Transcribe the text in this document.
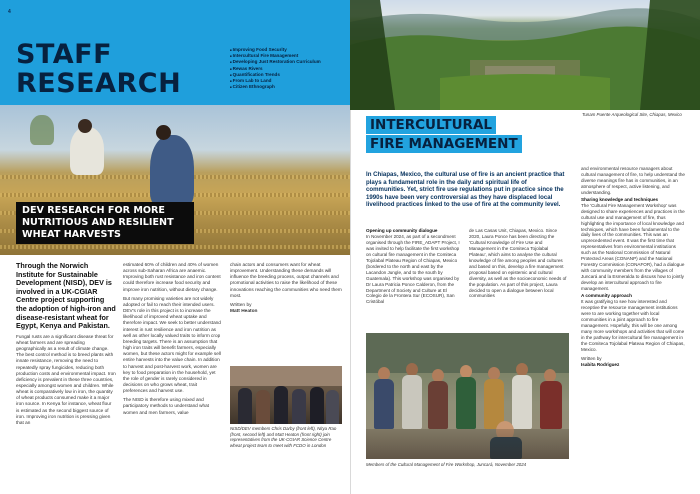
4
STAFF
RESEARCH
■ Improving Food Security
■ Intercultural Fire Management
■ Developing Just Restoration Curriculum
■ Rewas Rivers
■ Quantification Trends
■ From Lab to Land
■ Citizen Ethnograph
DEV RESEARCH FOR MORE
NUTRITIOUS AND RESILIENT
WHEAT HARVESTS

Through the Norwich Institute for Sustainable Development (NISD), DEV is involved in a UK-CGIAR Centre project supporting the adoption of high-iron and disease-resistant wheat for Egypt, Kenya and Pakistan.

Fungal rusts are a significant disease threat for wheat farmers and are spreading geographically as a result of climate change. The best control method is to breed plants with innate resistance, removing the need to repeatedly spray fungicides, reducing both production costs and environmental impact. Iron deficiency is prevalent in these three countries, especially amongst women and children. While wheat is comparatively low in iron, the quantity of wheat products consumed make it a major iron source. In Kenya for instance, wheat flour is estimated as the second biggest source of iron. Improving iron nutrition is pressing given that an

estimated 60% of children and 40% of women across sub-Saharan Africa are anaemic. Improving both rust resistance and iron content could therefore increase food security and improve iron nutrition, without dietary change.

But many promising varieties are not widely adopted or fail to reach their intended users. DEV's role in this project is to increase the likelihood of improved wheat uptake and therefore impact. We seek to better understand interest in rust resilience and iron nutrition as well as other locally valued traits to inform crop breeding targets. There is an assumption that high iron traits will benefit farmers, especially women, but these actors might for example sell entire harvests into the value chain. In addition to harvest and post-harvest work, women are key to food preparation in the household, yet the role of gender is rarely considered in decisions on who grows wheat, trait preferences and harvest use.

The NISD is therefore using mixed and participatory methods to understand what women and men farmers, value

chain actors and consumers want for wheat improvement. Understanding these demands will influence the breeding process, output channels and promotional activities to raise the likelihood of these innovations reaching the communities who need them most.

Written by
Matt Heaton
NISD/DEV members Chris Darby (front left), Nitya Rao (front, second left) and Matt Heaton (front right) join representatives from the UK-CGIAR Science Centre wheat project team to meet with FCDO in London
Tunam Puente Arqueological Site, Chiapas, Mexico
INTERCULTURAL
FIRE MANAGEMENT
In Chiapas, Mexico, the cultural use of fire is an ancient practice that plays a fundamental role in the daily and spiritual life of communities. Yet, strict fire use regulations put in practice since the 1990s have been very controversial as they have displaced local livelihood practices linked to the use of fire at the community level.
Opening up community dialogue
In November 2024, as part of a secondment organised through the FIRE_ADAPT Project, I was invited to help facilitate the first workshop on cultural fire management in the Comiteca Tojolabal Plateau Region of Chiapas, Mexico (bordered to the north and east by the Lacandon Jungle, and to the south by Guatemala). This workshop was organised by Dr Laura Patricia Ponce Calderon, from the Department of Society and Culture at El Colegio de la Frontera Sur (ECOSUR), San Cristóbal
de Las Casas Unit, Chiapas, Mexico. Since 2020, Laura Ponce has been directing the 'Cultural Knowledge of Fire Use and Management in the Comiteca Tojolabal Plateau', which aims to analyse the cultural knowledge of fire among peoples and cultures and based on this, develop a fire management proposal based on epistemic and cultural diversity, as well as the socioeconomic needs of the population. As part of this project, Laura decided to open a dialogue between local communities
and environmental resource managers about cultural management of fire, to help understand the diverse meanings fire has in communities, in an atmosphere of respect, active listening, and understanding.
Sharing knowledge and techniques
The 'Cultural Fire Management Workshop' was designed to share experiences and practices in the cultural use and management of fire, thus highlighting the importance of local knowledge and techniques, which have been fundamental to the daily lives of the communities. This was an unprecedented event. It was the first time that representatives from environmental institutions such as the National Commission of Natural Protected Areas (CONANP) and the National Forestry Commission (CONAFOR), had a dialogue with community members from the villages of Juncará and la Esmeralda to discuss how to jointly develop an intercultural approach to fire management.
A community approach
It was gratifying to see how interested and receptive the resource management institutions were to are working together with local communities in a joint approach to fire management. Hopefully, this will be one among many more workshops and activities that will come in the pathway for intercultural fire management in the Comiteca Tojolabal Plateau Region of Chiapas, Mexico.
Written by
Isabita Rodriguez
Members of the Cultural Management of Fire Workshop, Juncará, November 2024
